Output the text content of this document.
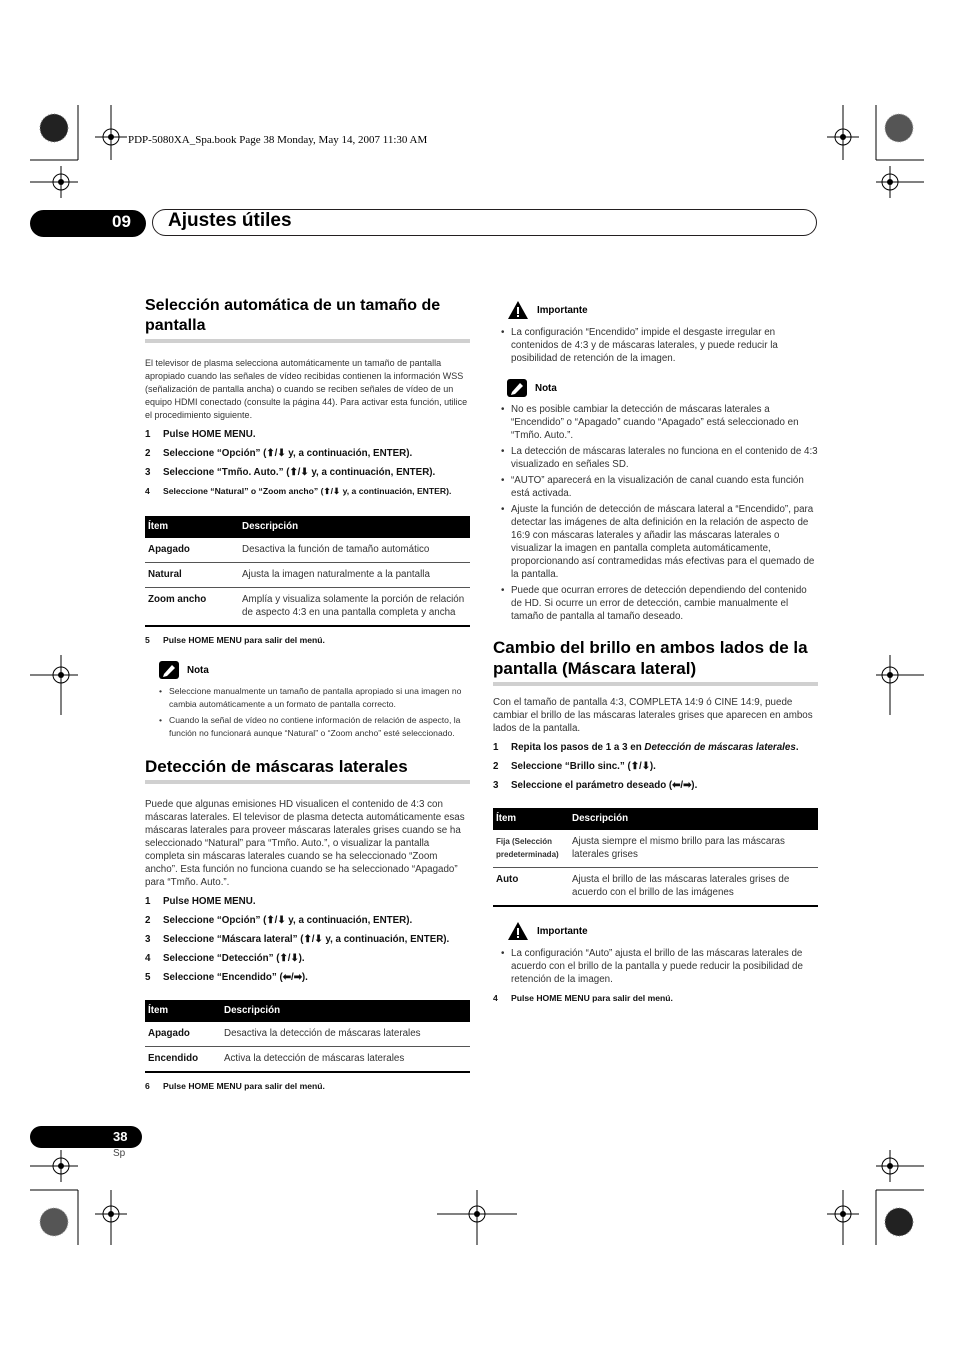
PDP-5080XA_Spa.book Page 38 Monday, May 14, 2007 11:30 AM
09 Ajustes útiles
Selección automática de un tamaño de pantalla

El televisor de plasma selecciona automáticamente un tamaño de pantalla apropiado cuando las señales de vídeo recibidas contienen la información WSS (señalización de pantalla ancha) o cuando se reciben señales de vídeo de un equipo HDMI conectado (consulte la página 44). Para activar esta función, utilice el procedimiento siguiente.

1	Pulse HOME MENU.
2	Seleccione “Opción” (⬆/⬇ y, a continuación, ENTER).
3	Seleccione “Tmño. Auto.” (⬆/⬇ y, a continuación, ENTER).
4	Seleccione “Natural” o “Zoom ancho” (⬆/⬇ y, a continuación, ENTER).
Ítem	Descripción
Apagado	Desactiva la función de tamaño automático
Natural	Ajusta la imagen naturalmente a la pantalla
Zoom ancho	Amplía y visualiza solamente la porción de relación de aspecto 4:3 en una pantalla completa y ancha
5	Pulse HOME MENU para salir del menú.
Nota
• Seleccione manualmente un tamaño de pantalla apropiado si una imagen no cambia automáticamente a un formato de pantalla correcto.
• Cuando la señal de vídeo no contiene información de relación de aspecto, la función no funcionará aunque “Natural” o “Zoom ancho” esté seleccionado.
Detección de máscaras laterales

Puede que algunas emisiones HD visualicen el contenido de 4:3 con máscaras laterales. El televisor de plasma detecta automáticamente esas máscaras laterales para proveer máscaras laterales grises cuando se ha seleccionado “Natural” para “Tmño. Auto.”, o visualizar la pantalla completa sin máscaras laterales cuando se ha seleccionado “Zoom ancho”. Esta función no funciona cuando se ha seleccionado “Apagado” para “Tmño. Auto.”.

1	Pulse HOME MENU.
2	Seleccione “Opción” (⬆/⬇ y, a continuación, ENTER).
3	Seleccione “Máscara lateral” (⬆/⬇ y, a continuación, ENTER).
4	Seleccione “Detección” (⬆/⬇).
5	Seleccione “Encendido” (⬅/➡).
Ítem	Descripción
Apagado	Desactiva la detección de máscaras laterales
Encendido	Activa la detección de máscaras laterales
6	Pulse HOME MENU para salir del menú.
Importante
• La configuración “Encendido” impide el desgaste irregular en contenidos de 4:3 y de máscaras laterales, y puede reducir la posibilidad de retención de la imagen.
Nota
• No es posible cambiar la detección de máscaras laterales a “Encendido” o “Apagado” cuando “Apagado” está seleccionado en “Tmño. Auto.”.
• La detección de máscaras laterales no funciona en el contenido de 4:3 visualizado en señales SD.
• “AUTO” aparecerá en la visualización de canal cuando esta función está activada.
• Ajuste la función de detección de máscara lateral a “Encendido”, para detectar las imágenes de alta definición en la relación de aspecto de 16:9 con máscaras laterales y añadir las máscaras laterales o visualizar la imagen en pantalla completa automáticamente, proporcionando así contramedidas más efectivas para el quemado de la pantalla.
• Puede que ocurran errores de detección dependiendo del contenido de HD. Si ocurre un error de detección, cambie manualmente el tamaño de pantalla al tamaño deseado.
Cambio del brillo en ambos lados de la pantalla (Máscara lateral)

Con el tamaño de pantalla 4:3, COMPLETA 14:9 ó CINE 14:9, puede cambiar el brillo de las máscaras laterales grises que aparecen en ambos lados de la pantalla.

1	Repita los pasos de 1 a 3 en Detección de máscaras laterales.
2	Seleccione “Brillo sinc.” (⬆/⬇).
3	Seleccione el parámetro deseado (⬅/➡).
Ítem	Descripción
Fija (Selección predeterminada)	Ajusta siempre el mismo brillo para las máscaras laterales grises
Auto	Ajusta el brillo de las máscaras laterales grises de acuerdo con el brillo de las imágenes
Importante
• La configuración “Auto” ajusta el brillo de las máscaras laterales de acuerdo con el brillo de la pantalla y puede reducir la posibilidad de retención de la imagen.
4	Pulse HOME MENU para salir del menú.
38
Sp
